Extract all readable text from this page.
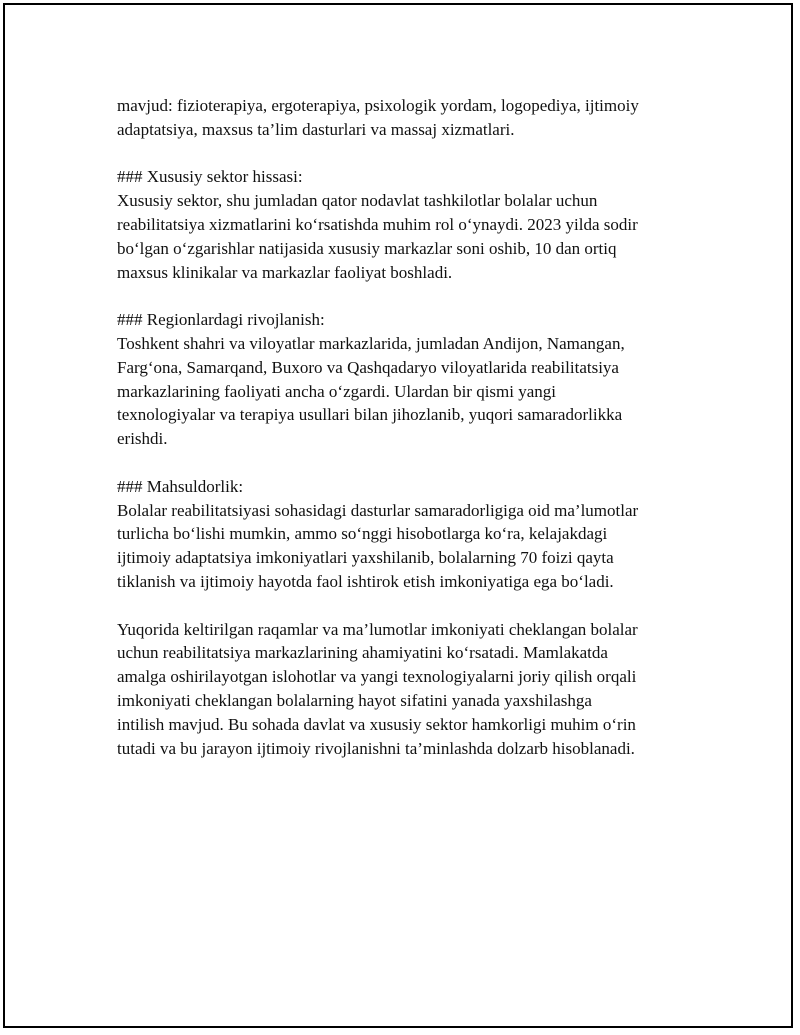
mavjud: fizioterapiya, ergoterapiya, psixologik yordam, logopediya, ijtimoiy
adaptatsiya, maxsus ta’lim dasturlari va massaj xizmatlari.
### Xususiy sektor hissasi:
Xususiy sektor, shu jumladan qator nodavlat tashkilotlar bolalar uchun
reabilitatsiya xizmatlarini ko‘rsatishda muhim rol o‘ynaydi. 2023 yilda sodir
bo‘lgan o‘zgarishlar natijasida xususiy markazlar soni oshib, 10 dan ortiq
maxsus klinikalar va markazlar faoliyat boshladi.
### Regionlardagi rivojlanish:
Toshkent shahri va viloyatlar markazlarida, jumladan Andijon, Namangan,
Farg‘ona, Samarqand, Buxoro va Qashqadaryo viloyatlarida reabilitatsiya
markazlarining faoliyati ancha o‘zgardi. Ulardan bir qismi yangi
texnologiyalar va terapiya usullari bilan jihozlanib, yuqori samaradorlikka
erishdi.
### Mahsuldorlik:
Bolalar reabilitatsiyasi sohasidagi dasturlar samaradorligiga oid ma’lumotlar
turlicha bo‘lishi mumkin, ammo so‘nggi hisobotlarga ko‘ra, kelajakdagi
ijtimoiy adaptatsiya imkoniyatlari yaxshilanib, bolalarning 70 foizi qayta
tiklanish va ijtimoiy hayotda faol ishtirok etish imkoniyatiga ega bo‘ladi.
Yuqorida keltirilgan raqamlar va ma’lumotlar imkoniyati cheklangan bolalar
uchun reabilitatsiya markazlarining ahamiyatini ko‘rsatadi. Mamlakatda
amalga oshirilayotgan islohotlar va yangi texnologiyalarni joriy qilish orqali
imkoniyati cheklangan bolalarning hayot sifatini yanada yaxshilashga
intilish mavjud. Bu sohada davlat va xususiy sektor hamkorligi muhim o‘rin
tutadi va bu jarayon ijtimoiy rivojlanishni ta’minlashda dolzarb hisoblanadi.
